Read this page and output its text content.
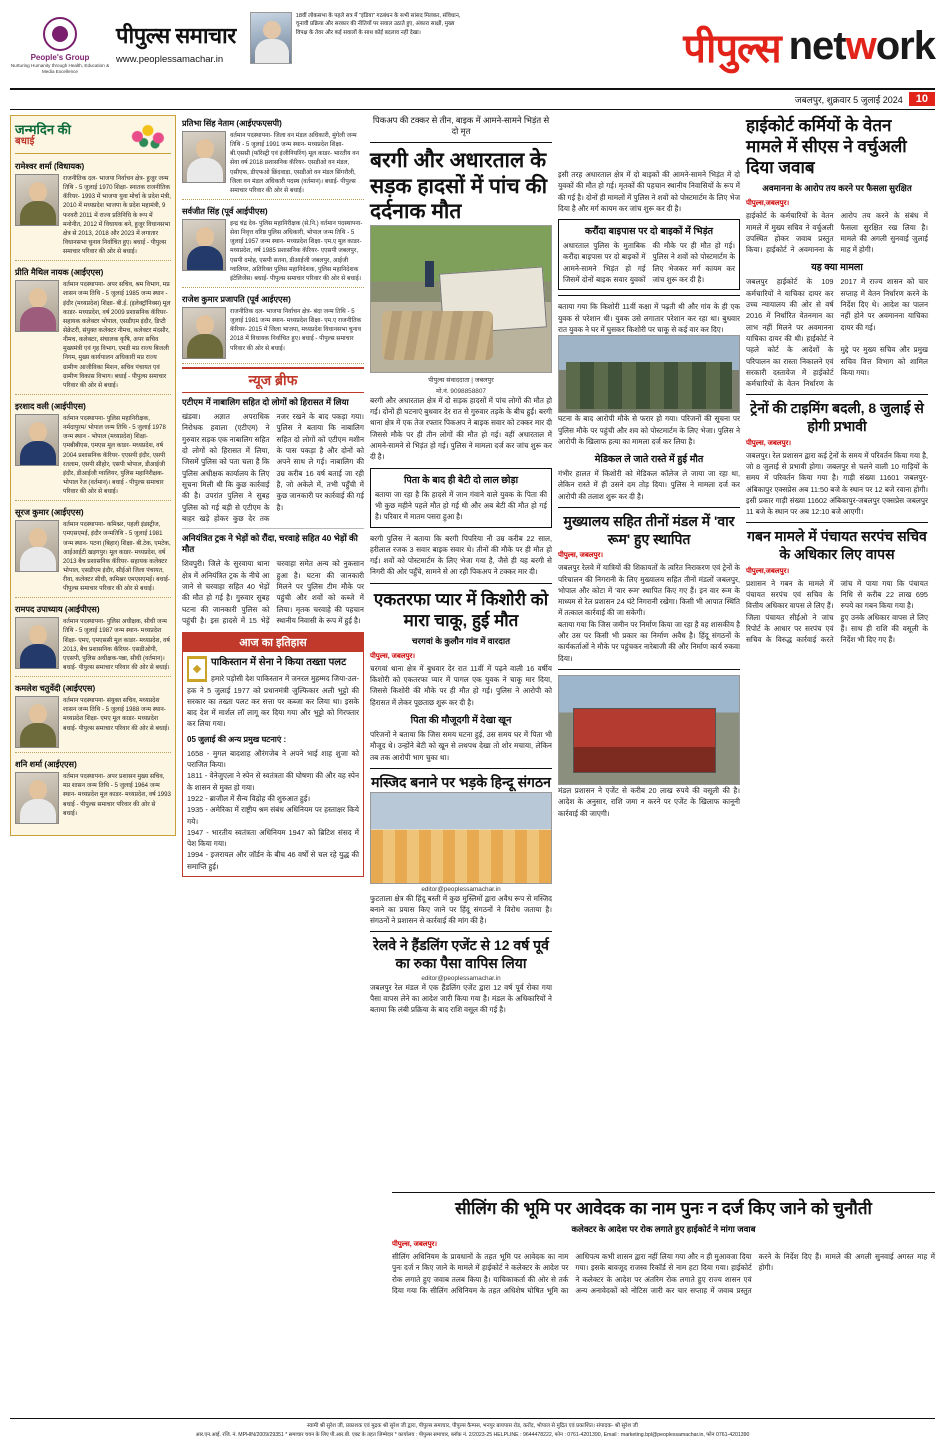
People's Group
Nurturing Humanity through Health, Education & Media Excellence
पीपुल्स समाचार
www.peoplessamachar.in
18वीं लोकसभा के पहले सत्र में "इंडिया" गठबंधन के सभी सांसद मिलकर, संविधान, चुनावी प्रक्रिया और सरकार की नीतियों पर सवाल उठाते हुए, अंकारा साक्षी, मुख्य विपक्ष के तेवर और कई सवालों के साथ कोई बदलाव नहीं देखा।	पीपुल्स network
जबलपुर, शुक्रवार 5 जुलाई 2024	10
जन्मदिन की
बधाई
रामेश्वर शर्मा (विधायक)
राजनीतिक दल- भाजपा निर्वाचन क्षेत्र- हुजूर जन्म तिथि - 5 जुलाई 1970 शिक्षा- स्नातक राजनीतिक कॅरियर- 1993 में भाजपा युवा मोर्चा के प्रदेश मंत्री, 2010 में मध्यप्रदेश भाजपा के प्रदेश महामंत्री, 9 फरवरी 2011 में राज्य प्रतिनिधि के रूप में मनोनीत, 2012 में विधायक बने, हुजूर विधानसभा क्षेत्र से 2013, 2018 और 2023 में लगातार विधानसभा चुनाव निर्वाचित हुए। बधाई - पीपुल्स समाचार परिवार की ओर से बधाई।
प्रीति मैथिल नायक (आईएएस)
वर्तमान पदस्थापना- अपर सचिव, श्रम विभाग, मप्र शासन जन्म तिथि - 5 जुलाई 1985 जन्म स्थान - इंदौर (मध्यप्रदेश) शिक्षा- बी.ई. (इलेक्ट्रॉनिक्स) मूल काडर- मध्यप्रदेश, वर्ष 2009 प्रशासनिक कॅरियर- सहायक कलेक्टर भोपाल, एसडीएम इंदौर, डिप्टी सेक्रेटरी, संयुक्त कलेक्टर नीमच, कलेक्टर मंदसौर, नीमच, कलेक्टर, संचालक कृषि, अपर सचिव मुख्यमंत्री एवं गृह विभाग, एमडी मप्र राज्य बिजली निगम, मुख्य कार्यपालन अधिकारी मप्र राज्य ग्रामीण आजीविका मिशन, सचिव पंचायत एवं ग्रामीण विकास विभाग। बधाई - पीपुल्स समाचार परिवार की ओर से बधाई।
इरशाद वली (आईपीएस)
वर्तमान पदस्थापना- पुलिस महानिरीक्षक, नर्मदापुरम/ भोपाल जन्म तिथि - 5 जुलाई 1978 जन्म स्थान - भोपाल (मध्यप्रदेश) शिक्षा- एमबीबीएस, एमएस मूल काडर- मध्यप्रदेश, वर्ष 2004 प्रशासनिक कॅरियर- एएसपी इंदौर, एसपी रतलाम, एसपी सीहोर, एसपी भोपाल, डीआईजी इंदौर, डीआईजी ग्वालियर, पुलिस महानिरीक्षक- भोपाल रेंज (वर्तमान)। बधाई - पीपुल्स समाचार परिवार की ओर से बधाई।
सूरज कुमार (आईएएस)
वर्तमान पदस्थापना- कमिश्नर, पहली इंडस्ट्रीज, एमएसएमई, इंदौर जन्मतिथि - 5 जुलाई 1981 जन्म स्थान- पटना (बिहार) शिक्षा- बी.टेक, एमटेक, आईआईटी खड़गपुर। मूल काडर- मध्यप्रदेश, वर्ष 2013 बैच प्रशासनिक कॅरियर- सहायक कलेक्टर भोपाल, एसडीएम इंदौर, सीईओ जिला पंचायत, रीवा, कलेक्टर सीधी, कमिश्नर एमएसएमई। बधाई- पीपुल्स समाचार परिवार की ओर से बधाई।
रामपद उपाध्याय (आईपीएस)
वर्तमान पदस्थापना- पुलिस अधीक्षक, सीधी जन्म तिथि - 5 जुलाई 1987 जन्म स्थान- मध्यप्रदेश शिक्षा- एमए, एमएससी मूल काडर- मध्यप्रदेश, वर्ष 2013, बैच प्रशासनिक कॅरियर- एसडीओपी, एएसपी, पुलिस अधीक्षक-पन्ना, सीधी (वर्तमान)। बधाई- पीपुल्स समाचार परिवार की ओर से बधाई।
कमलेश चतुर्वेदी (आईएएस)
वर्तमान पदस्थापना- संयुक्त सचिव, मध्यप्रदेश शासन जन्म तिथि - 5 जुलाई 1988 जन्म स्थान- मध्यप्रदेश शिक्षा- एमए मूल काडर- मध्यप्रदेश बधाई- पीपुल्स समाचार परिवार की ओर से बधाई।
शनि शर्मा (आईएएस)
वर्तमान पदस्थापना- अपर प्रशासन मुख्य सचिव, मप्र शासन जन्म तिथि - 5 जुलाई 1964 जन्म स्थान- मध्यप्रदेश मूल काडर- मध्यप्रदेश, वर्ष 1993 बधाई - पीपुल्स समाचार परिवार की ओर से बधाई।
प्रतिभा सिंह नेताम (आईएफएसपी)
वर्तमान पदस्थापना- जिला वन मंडल अधिकारी, मुंगेली जन्म तिथि - 5 जुलाई 1991 जन्म स्थान- मध्यप्रदेश शिक्षा- बी.एससी (फॉरेस्ट्री एवं इंजीनियरिंग) मूल काडर- भारतीय वन सेवा वर्ष 2018 प्रशासनिक कॅरियर- एसडीओ वन मंडल, एसीएफ, डीएफओ छिंदवाड़ा, एसडीओ वन मंडल सिंगरौली, जिला वन मंडल अधिकारी पदस्थ (वर्तमान)। बधाई- पीपुल्स समाचार परिवार की ओर से बधाई।
सर्वजीत सिंह (पूर्व आईपीएस)
इन्द्र चंद्र देव- पुलिस महानिरीक्षक (से.नि.) वर्तमान पदस्थापना- सेवा निवृत्त वरिष्ठ पुलिस अधिकारी, भोपाल जन्म तिथि - 5 जुलाई 1957 जन्म स्थान- मध्यप्रदेश शिक्षा- एम.ए मूल काडर- मध्यप्रदेश, वर्ष 1985 प्रशासनिक कॅरियर- एएसपी जबलपुर, एसपी दमोह, एसपी सतना, डीआईजी जबलपुर, आईजी ग्वालियर, अतिरिक्त पुलिस महानिदेशक, पुलिस महानिदेशक इंटेलिजेंस। बधाई- पीपुल्स समाचार परिवार की ओर से बधाई।
राजेश कुमार प्रजापति (पूर्व आईएएस)
राजनीतिक दल- भाजपा निर्वाचन क्षेत्र- बंदा जन्म तिथि - 5 जुलाई 1981 जन्म स्थान- मध्यप्रदेश शिक्षा- एम.ए राजनीतिक कॅरियर- 2015 में जिला भाजपा, मध्यप्रदेश विधानसभा चुनाव 2018 में विधायक निर्वाचित हुए। बधाई - पीपुल्स समाचार परिवार की ओर से बधाई।
न्यूज ब्रीफ
एटीएम में नाबालिग सहित दो लोगों को हिरासत में लिया
खंडवा। अज्ञात अपराधिक निरोधक हवाला (एटीएम) ने गुरुवार सड़क एक नाबालिग सहित दो लोगों को हिरासत में लिया, जिसमें पुलिस को पता चला है कि पुलिस अधीक्षक कार्यालय के लिए सूचना मिली थी कि कुछ कार्रवाई की है। उपरांत पुलिस ने सुबह पुलिस को गई बड़ी से एटीएम के बाहर खड़े होकर कुछ देर तक नजर रखने के बाद पकड़ा गया। पुलिस ने बताया कि नाबालिग सहित दो लोगों को एटीएम मशीन के पास पकड़ा है और दोनों को अपने साथ ले गई। नाबालिग की उम्र करीब 16 वर्ष बताई जा रही है, जो अकेले में, तभी पहुँची में कुछ जानकारी पर कार्रवाई की गई है।
अनियंत्रित ट्रक ने भेड़ों को रौंदा, चरवाहे सहित 40 भेड़ों की मौत
शिवपुरी। जिले के सुरवाया थाना क्षेत्र में अनियंत्रित ट्रक के नीचे आ जाने से चरवाहा सहित 40 भेड़ों की मौत हो गई है। गुरुवार सुबह घटना की जानकारी पुलिस को पहुंची है। इस हादसे में 15 भेड़ें चरवाहा समेत अन्य को नुकसान हुआ है। घटना की जानकारी मिलने पर पुलिस टीम मौके पर पहुंची और शवों को कब्जे में लिया। मृतक चरवाहे की पहचान स्थानीय निवासी के रूप में हुई है।
आज का इतिहास
पाकिस्तान में सेना ने किया तख्ता पलट
हमारे पड़ोसी देश पाकिस्तान में जनरल मुहम्मद जिया-उल-हक ने 5 जुलाई 1977 को प्रधानमंत्री जुल्फिकार अली भुट्टो की सरकार का तख्ता पलट कर सत्ता पर कब्जा कर लिया था। इसके बाद देश में मार्शल लॉ लागू कर दिया गया और भुट्टो को गिरफ्तार कर लिया गया।
05 जुलाई की अन्य प्रमुख घटनाएं :
1658 - मुगल बादशाह औरंगजेब ने अपने भाई शाह शुजा को पराजित किया।
1811 - वेनेजुएला ने स्पेन से स्वतंत्रता की घोषणा की और वह स्पेन के शासन से मुक्त हो गया।
1922 - ब्राजील में सैन्य विद्रोह की शुरुआत हुई।
1935 - अमेरिका में राष्ट्रीय श्रम संबंध अधिनियम पर हस्ताक्षर किये गये।
1947 - भारतीय स्वतंत्रता अधिनियम 1947 को ब्रिटिश संसद में पेश किया गया।
1994 - इजरायल और जॉर्डन के बीच 46 वर्षों से चल रहे युद्ध की समाप्ति हुई।
पिकअप की टक्कर से तीन, बाइक में आमने-सामने भिड़ंत से दो मृत
बरगी और अधारताल के सड़क हादसों में पांच की दर्दनाक मौत
पीपुल्स संवाददाता | जबलपुर
मो.नं. 9098858807
बरगी और अधारताल क्षेत्र में दो सड़क हादसों में पांच लोगों की मौत हो गई। दोनों ही घटनाएं बुधवार देर रात से गुरुवार तड़के के बीच हुईं। बरगी थाना क्षेत्र में एक तेज रफ्तार पिकअप ने बाइक सवार को टक्कर मार दी जिससे मौके पर ही तीन लोगों की मौत हो गई। वहीं अधारताल में आमने-सामने से भिड़ंत हो गई। पुलिस ने मामला दर्ज कर जांच शुरू कर दी है।
पिता के बाद ही बेटी दो लाल छोड़ा
बताया जा रहा है कि हादसे में जान गंवाने वाले युवक के पिता की भी कुछ महीने पहले मौत हो गई थी और अब बेटी की मौत हो गई है। परिवार में मातम पसरा हुआ है।
बरगी पुलिस ने बताया कि बरगी पिपरिया नौ उम्र करीब 22 साल, हरीलाल रजक 3 सवार बाइक सवार थे। तीनों की मौके पर ही मौत हो गई। शवों को पोस्टमार्टम के लिए भेजा गया है, जैसे ही यह बरगी से निगरी की ओर पहुँचे, सामने से आ रही पिकअप ने टक्कर मार दी।
एकतरफा प्यार में किशोरी को मारा चाकू, हुई मौत
चरगवां के कुलौन गांव में वारदात
पीपुल्स, जबलपुर।
चरगवां थाना क्षेत्र में बुधवार देर रात 11वीं में पढ़ने वाली 16 वर्षीय किशोरी को एकतरफा प्यार में पागल एक युवक ने चाकू मार दिया, जिससे किशोरी की मौके पर ही मौत हो गई। पुलिस ने आरोपी को हिरासत में लेकर पूछताछ शुरू कर दी है।
पिता की मौजूदगी में देखा खून
परिजनों ने बताया कि जिस समय घटना हुई, उस समय घर में पिता भी मौजूद थे। उन्होंने बेटी को खून से लथपथ देखा तो शोर मचाया, लेकिन तब तक आरोपी भाग चुका था।
मस्जिद बनाने पर भड़के हिन्दू संगठन
editor@peoplessamachar.in
फुटताला क्षेत्र की हिंदू बस्ती में कुछ मुस्लिमों द्वारा अवैध रूप से मस्जिद बनाने का प्रयास किए जाने पर हिंदू संगठनों ने विरोध जताया है। संगठनों ने प्रशासन से कार्रवाई की मांग की है।
रेलवे ने हैंडलिंग एजेंट से 12 वर्ष पूर्व का रुका पैसा वापिस लिया
editor@peoplessamachar.in
जबलपुर रेल मंडल में एक हैंडलिंग एजेंट द्वारा 12 वर्ष पूर्व रोका गया पैसा वापस लेने का आदेश जारी किया गया है। मंडल के अधिकारियों ने बताया कि लंबी प्रक्रिया के बाद राशि वसूल की गई है।
इसी तरह अधारताल क्षेत्र में दो बाइकों की आमने-सामने भिड़ंत में दो युवकों की मौत हो गई। मृतकों की पहचान स्थानीय निवासियों के रूप में की गई है। दोनों ही मामलों में पुलिस ने शवों को पोस्टमार्टम के लिए भेज दिया है और मर्ग कायम कर जांच शुरू कर दी है।
करौंदा बाइपास पर दो बाइकों में भिड़ंत
अधारताल पुलिस के मुताबिक करौंदा बाइपास पर दो बाइकों में आमने-सामने भिड़ंत हो गई जिसमें दोनों बाइक सवार युवकों की मौके पर ही मौत हो गई। पुलिस ने शवों को पोस्टमार्टम के लिए भेजकर मर्ग कायम कर जांच शुरू कर दी है।
बताया गया कि किशोरी 11वीं कक्षा में पढ़ती थी और गांव के ही एक युवक से परेशान थी। युवक उसे लगातार परेशान कर रहा था। बुधवार रात युवक ने घर में घुसकर किशोरी पर चाकू से कई वार कर दिए।
घटना के बाद आरोपी मौके से फरार हो गया। परिजनों की सूचना पर पुलिस मौके पर पहुंची और शव को पोस्टमार्टम के लिए भेजा। पुलिस ने आरोपी के खिलाफ हत्या का मामला दर्ज कर लिया है।
मेडिकल ले जाते रास्ते में हुई मौत
गंभीर हालत में किशोरी को मेडिकल कॉलेज ले जाया जा रहा था, लेकिन रास्ते में ही उसने दम तोड़ दिया। पुलिस ने मामला दर्ज कर आरोपी की तलाश शुरू कर दी है।
मुख्यालय सहित तीनों मंडल में 'वार रूम' हुए स्थापित
पीपुल्स, जबलपुर।
जबलपुर रेलवे में यात्रियों की शिकायतों के त्वरित निराकरण एवं ट्रेनों के परिचालन की निगरानी के लिए मुख्यालय सहित तीनों मंडलों जबलपुर, भोपाल और कोटा में 'वार रूम' स्थापित किए गए हैं। इन वार रूम के माध्यम से रेल प्रशासन 24 घंटे निगरानी रखेगा। किसी भी आपात स्थिति में तत्काल कार्रवाई की जा सकेगी।
बताया गया कि जिस जमीन पर निर्माण किया जा रहा है वह शासकीय है और उस पर किसी भी प्रकार का निर्माण अवैध है। हिंदू संगठनों के कार्यकर्ताओं ने मौके पर पहुंचकर नारेबाजी की और निर्माण कार्य रुकवा दिया।
मंडल प्रशासन ने एजेंट से करीब 20 लाख रुपये की वसूली की है। आदेश के अनुसार, राशि जमा न करने पर एजेंट के खिलाफ कानूनी कार्रवाई की जाएगी।
हाईकोर्ट कर्मियों के वेतन मामले में सीएस ने वर्चुअली दिया जवाब
अवमानना के आरोप तय करने पर फैसला सुरक्षित
पीपुल्स,जबलपुर।
हाईकोर्ट के कर्मचारियों के वेतन मामले में मुख्य सचिव ने वर्चुअली उपस्थित होकर जवाब प्रस्तुत किया। हाईकोर्ट ने अवमानना के आरोप तय करने के संबंध में फैसला सुरक्षित रख लिया है। मामले की अगली सुनवाई जुलाई माह में होगी।
यह क्या मामला
जबलपुर हाईकोर्ट के 109 कर्मचारियों ने याचिका दायर कर उच्च न्यायालय की ओर से वर्ष 2016 में निर्धारित वेतनमान का लाभ नहीं मिलने पर अवमानना याचिका दायर की थी। हाईकोर्ट ने 2017 में राज्य शासन को चार सप्ताह में वेतन निर्धारण करने के निर्देश दिए थे। आदेश का पालन नहीं होने पर अवमानना याचिका दायर की गई।
पहले कोर्ट के आदेशों के परिपालन का रास्ता निकालने एवं सरकारी दस्तावेज में हाईकोर्ट कर्मचारियों के वेतन निर्धारण के मुद्दे पर मुख्य सचिव और प्रमुख सचिव वित्त विभाग को शामिल किया गया।
ट्रेनों की टाइमिंग बदली, 8 जुलाई से होगी प्रभावी
पीपुल्स, जबलपुर।
जबलपुर। रेल प्रशासन द्वारा कई ट्रेनों के समय में परिवर्तन किया गया है, जो 8 जुलाई से प्रभावी होगा। जबलपुर से चलने वाली 10 गाड़ियों के समय में परिवर्तन किया गया है। गाड़ी संख्या 11601 जबलपुर-अंबिकापुर एक्सप्रेस अब 11:50 बजे के स्थान पर 12 बजे रवाना होगी। इसी प्रकार गाड़ी संख्या 11602 अंबिकापुर-जबलपुर एक्सप्रेस जबलपुर 11 बजे के स्थान पर अब 12:10 बजे आएगी।
गबन मामले में पंचायत सरपंच सचिव के अधिकार लिए वापस
पीपुल्स,जबलपुर।
प्रशासन ने गबन के मामले में पंचायत सरपंच एवं सचिव के वित्तीय अधिकार वापस ले लिए हैं। जांच में पाया गया कि पंचायत निधि से करीब 22 लाख 695 रुपये का गबन किया गया है।
जिला पंचायत सीईओ ने जांच रिपोर्ट के आधार पर सरपंच एवं सचिव के विरुद्ध कार्रवाई करते हुए उनके अधिकार वापस ले लिए हैं। साथ ही राशि की वसूली के निर्देश भी दिए गए हैं।
सीलिंग की भूमि पर आवेदक का नाम पुनः न दर्ज किए जाने को चुनौती
कलेक्टर के आदेश पर रोक लगाते हुए हाईकोर्ट ने मांगा जवाब
पीपुल्स, जबलपुर।
सीलिंग अधिनियम के प्रावधानों के तहत भूमि पर आवेदक का नाम पुनः दर्ज न किए जाने के मामले में हाईकोर्ट ने कलेक्टर के आदेश पर रोक लगाते हुए जवाब तलब किया है। याचिकाकर्ता की ओर से तर्क दिया गया कि सीलिंग अधिनियम के तहत अधिशेष घोषित भूमि का आधिपत्य कभी शासन द्वारा नहीं लिया गया और न ही मुआवजा दिया गया। इसके बावजूद राजस्व रिकॉर्ड से नाम हटा दिया गया। हाईकोर्ट ने कलेक्टर के आदेश पर अंतरिम रोक लगाते हुए राज्य शासन एवं अन्य अनावेदकों को नोटिस जारी कर चार सप्ताह में जवाब प्रस्तुत करने के निर्देश दिए हैं। मामले की अगली सुनवाई अगस्त माह में होगी।
स्वामी श्री सुरेश जी, प्रकाशक एवं मुद्रक श्री सुरेश जी द्वारा, पीपुल्स समाचार, पीपुल्स कैम्पस, भनपुर बायपास रोड, करोंद, भोपाल से मुद्रित एवं प्रकाशित। संपादक- श्री सुरेश जी
आर.एन.आई. रजि. नं. MPHIN/2009/29351 * समाचार चयन के लिए पी.आर.बी. एक्ट के तहत जिम्मेदार * कार्यालय : पीपुल्स समाचार, ब्लॉक नं. 2/2023-25 HELPLINE : 9644478222, फोन : 0761-4201390, Email : marketing.bpl@peoplessamachar.in, फोन 0761-4201390
